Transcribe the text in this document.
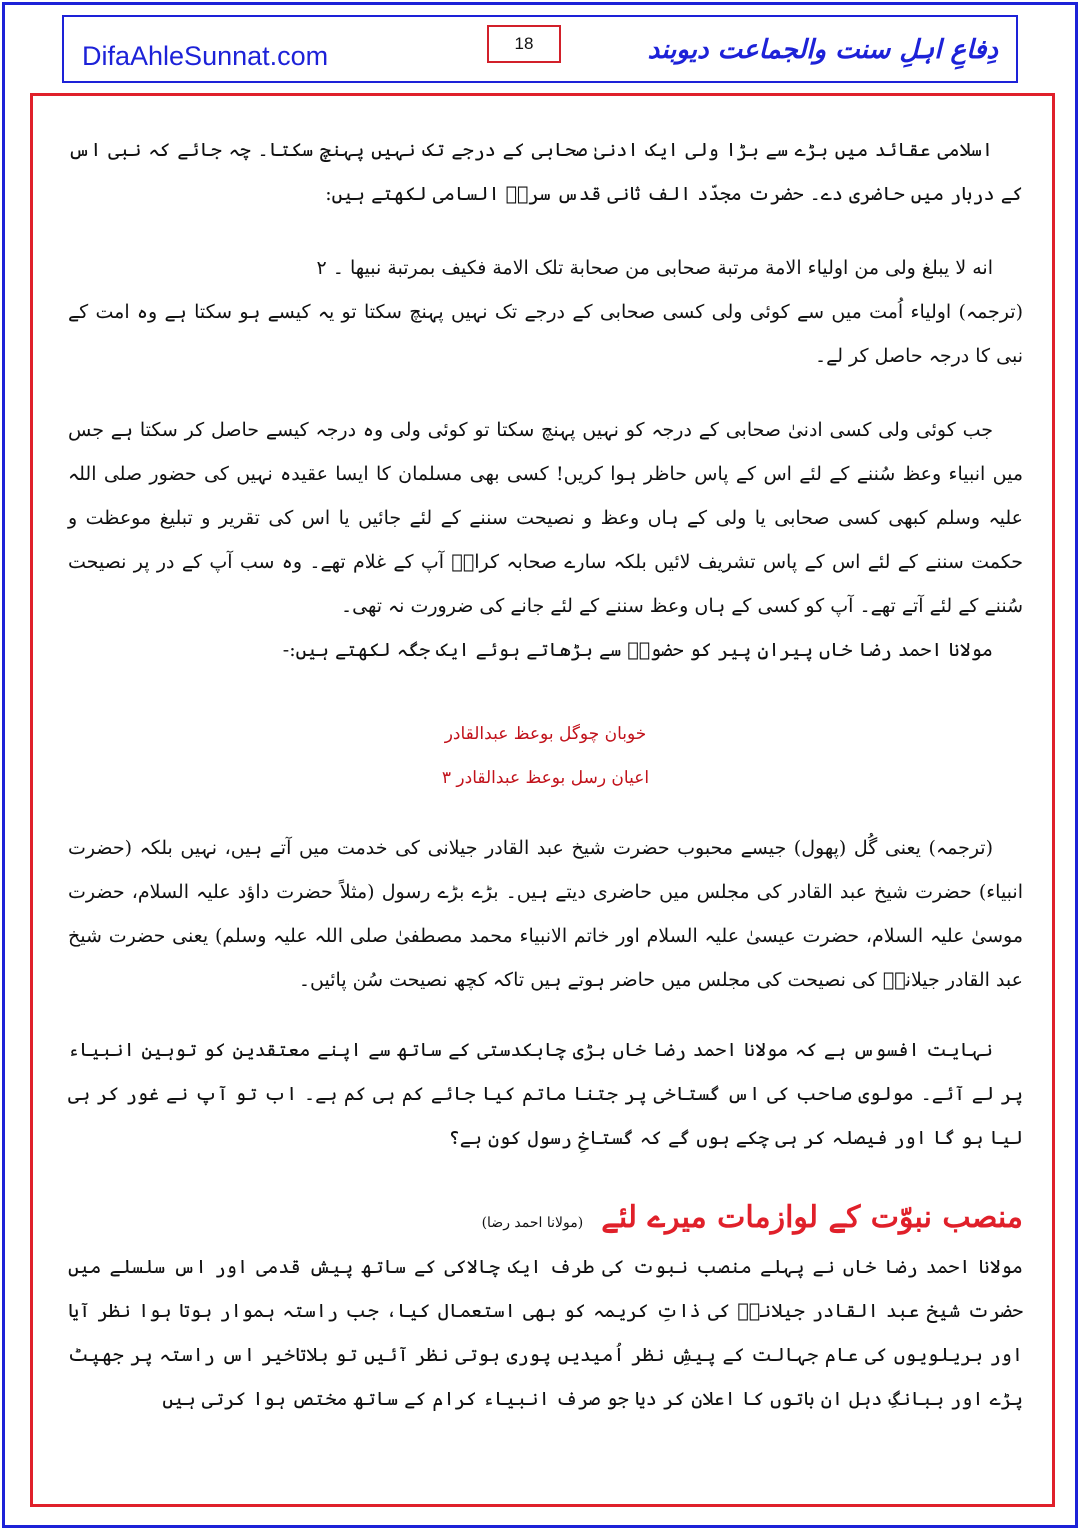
DifaAhleSunnat.com	18	دِفاعِ اہلِ سنت والجماعت دیوبند

اسلامی عقائد میں بڑے سے بڑا ولی ایک ادنیٰ صحابی کے درجے تک نہیں پہنچ سکتا۔ چہ جائے کہ نبی اس کے دربار میں حاضری دے۔ حضرت مجدّد الف ثانی قدس سرہٗ السامی لکھتے ہیں:

انه لا یبلغ ولی من اولیاء الامة مرتبة صحابی من صحابة تلک الامة فکیف بمرتبة نبیها ۔ ۲

(ترجمہ) اولیاء اُمت میں سے کوئی ولی کسی صحابی کے درجے تک نہیں پہنچ سکتا تو یہ کیسے ہو سکتا ہے وہ امت کے نبی کا درجہ حاصل کر لے۔

جب کوئی ولی کسی ادنیٰ صحابی کے درجہ کو نہیں پہنچ سکتا تو کوئی ولی وہ درجہ کیسے حاصل کر سکتا ہے جس میں انبیاء وعظ سُننے کے لئے اس کے پاس حاظر ہوا کریں! کسی بھی مسلمان کا ایسا عقیدہ نہیں کی حضور صلی اللہ علیہ وسلم کبھی کسی صحابی یا ولی کے ہاں وعظ و نصیحت سننے کے لئے جائیں یا اس کی تقریر و تبلیغ موعظت و حکمت سننے کے لئے اس کے پاس تشریف لائیں بلکہ سارے صحابہ کرامؓ آپ کے غلام تھے۔ وہ سب آپ کے در پر نصیحت سُننے کے لئے آتے تھے۔ آپ کو کسی کے ہاں وعظ سننے کے لئے جانے کی ضرورت نہ تھی۔

مولانا احمد رضا خاں پیرانِ پیر کو حضورؐ سے بڑھاتے ہوئے ایک جگہ لکھتے ہیں:-

خوبان چوگل بوعظ عبدالقادر

اعیان رسل بوعظ عبدالقادر ۳

(ترجمہ) یعنی گُل (پھول) جیسے محبوب حضرت شیخ عبد القادر جیلانی کی خدمت میں آتے ہیں، نہیں بلکہ (حضرت انبیاء) حضرت شیخ عبد القادر کی مجلس میں حاضری دیتے ہیں۔ بڑے بڑے رسول (مثلاً حضرت داؤد علیہ السلام، حضرت موسیٰ علیہ السلام، حضرت عیسیٰ علیہ السلام اور خاتم الانبیاء محمد مصطفیٰ صلی اللہ علیہ وسلم) یعنی حضرت شیخ عبد القادر جیلانیؒ کی نصیحت کی مجلس میں حاضر ہوتے ہیں تاکہ کچھ نصیحت سُن پائیں۔

نہایت افسوس ہے کہ مولانا احمد رضا خاں بڑی چابکدستی کے ساتھ سے اپنے معتقدین کو توہین انبیاء پر لے آئے۔ مولوی صاحب کی اس گستاخی پر جتنا ماتم کیا جائے کم ہی کم ہے۔ اب تو آپ نے غور کر ہی لیا ہو گا اور فیصلہ کر ہی چکے ہوں گے کہ گستاخِ رسول کون ہے؟

منصب نبوّت کے لوازمات میرے لئے (مولانا احمد رضا)

مولانا احمد رضا خاں نے پہلے منصب نبوت کی طرف ایک چالاکی کے ساتھ پیش قدمی اور اس سلسلے میں حضرت شیخ عبد القادر جیلانیؒ کی ذاتِ کریمہ کو بھی استعمال کیا، جب راستہ ہموار ہوتا ہوا نظر آیا اور بریلویوں کی عام جہالت کے پیشِ نظر اُمیدیں پوری ہوتی نظر آئیں تو بلاتاخیر اس راستہ پر جھپٹ پڑے اور ببانگِ دہل ان باتوں کا اعلان کر دیا جو صرف انبیاء کرام کے ساتھ مختص ہوا کرتی ہیں
